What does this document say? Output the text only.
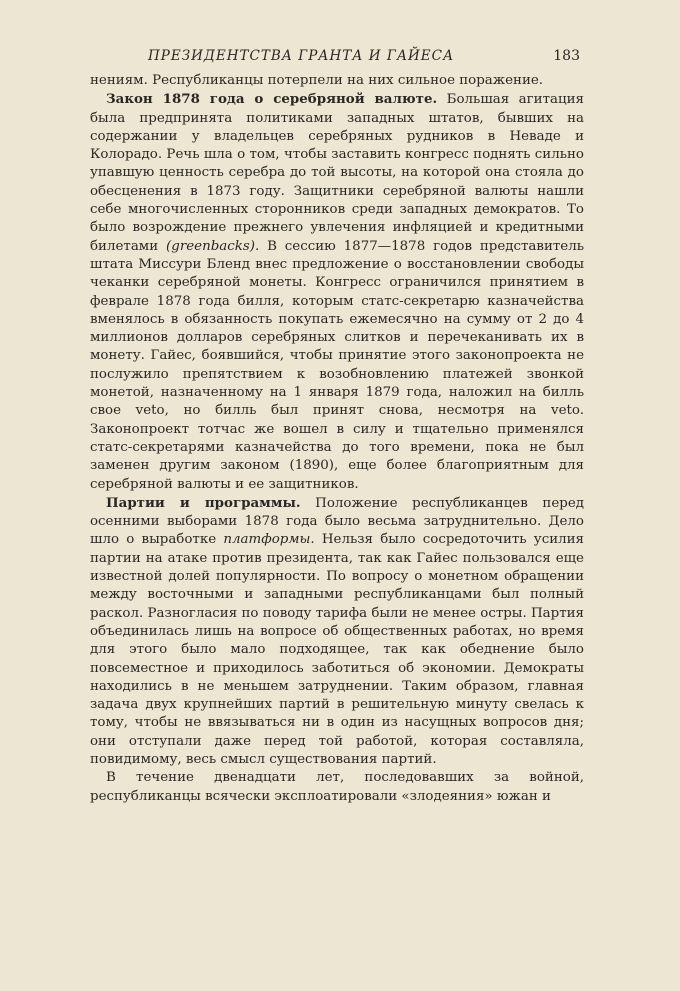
ПРЕЗИДЕНТСТВА ГРАНТА И ГАЙЕСА	183

нениям. Республиканцы потерпели на них сильное поражение.

Закон 1878 года о серебряной валюте. Большая агитация была предпринята политиками западных штатов, бывших на содержании у владельцев серебряных рудников в Неваде и Колорадо. Речь шла о том, чтобы заставить конгресс поднять сильно упавшую ценность серебра до той высоты, на которой она стояла до обесценения в 1873 году. Защитники серебряной валюты нашли себе многочисленных сторонников среди западных демократов. То было возрождение прежнего увлечения инфляцией и кредитными билетами (greenbacks). В сессию 1877—1878 годов представитель штата Миссури Бленд внес предложение о восстановлении свободы чеканки серебряной монеты. Конгресс ограничился принятием в феврале 1878 года билля, которым статс-секретарю казначейства вменялось в обязанность покупать ежемесячно на сумму от 2 до 4 миллионов долларов серебряных слитков и перечеканивать их в монету. Гайес, боявшийся, чтобы принятие этого законопроекта не послужило препятствием к возобновлению платежей звонкой монетой, назначенному на 1 января 1879 года, наложил на билль свое veto, но билль был принят снова, несмотря на veto. Законопроект тотчас же вошел в силу и тщательно применялся статс-секретарями казначейства до того времени, пока не был заменен другим законом (1890), еще более благоприятным для серебряной валюты и ее защитников.

Партии и программы. Положение республиканцев перед осенними выборами 1878 года было весьма затруднительно. Дело шло о выработке платформы. Нельзя было сосредоточить усилия партии на атаке против президента, так как Гайес пользовался еще известной долей популярности. По вопросу о монетном обращении между восточными и западными республиканцами был полный раскол. Разногласия по поводу тарифа были не менее остры. Партия объединилась лишь на вопросе об общественных работах, но время для этого было мало подходящее, так как обеднение было повсеместное и приходилось заботиться об экономии. Демократы находились в не меньшем затруднении. Таким образом, главная задача двух крупнейших партий в решительную минуту свелась к тому, чтобы не ввязываться ни в один из насущных вопросов дня; они отступали даже перед той работой, которая составляла, повидимому, весь смысл существования партий.

В течение двенадцати лет, последовавших за войной, республиканцы всячески эксплоатировали «злодеяния» южан и
